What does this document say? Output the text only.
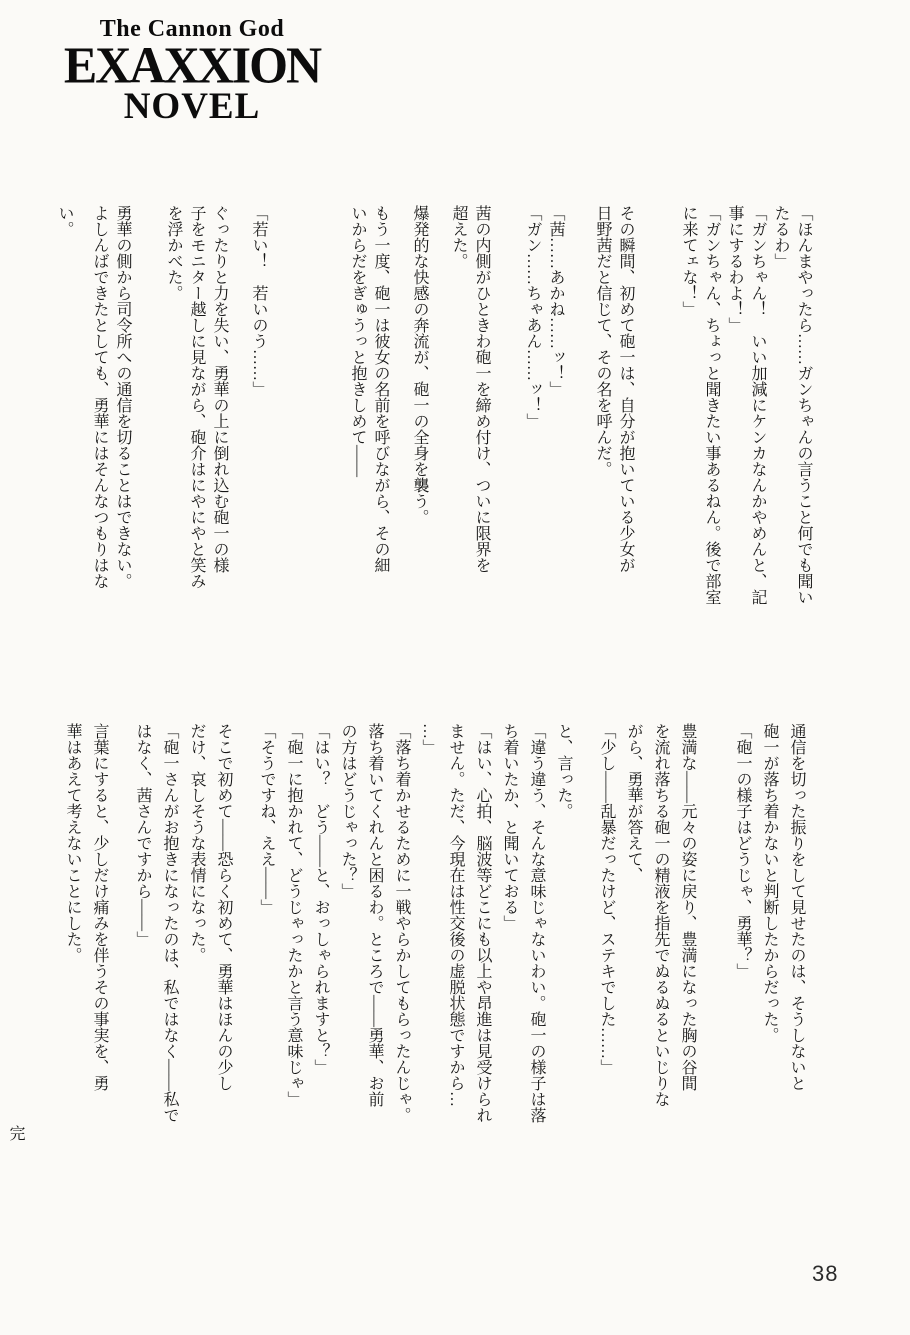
The Cannon God
EXAXXION
NOVEL
「ほんまやったら……ガンちゃんの言うこと何でも聞い
たるわ」
「ガンちゃん！　いい加減にケンカなんかやめんと、記
事にするわよ！」
「ガンちゃん、ちょっと聞きたい事あるねん。後で部室
に来てェな！」
その瞬間、初めて砲一は、自分が抱いている少女が
日野茜だと信じて、その名を呼んだ。
「茜……あかね……ッ！」
「ガン……ちゃあん……ッ！」
茜の内側がひときわ砲一を締め付け、ついに限界を
超えた。
爆発的な快感の奔流が、砲一の全身を襲う。
もう一度、砲一は彼女の名前を呼びながら、その細
いからだをぎゅうっと抱きしめて――
「若い！　若いのう……」
ぐったりと力を失い、勇華の上に倒れ込む砲一の様
子をモニター越しに見ながら、砲介はにやにやと笑み
を浮かべた。
勇華の側から司令所への通信を切ることはできない。
よしんばできたとしても、勇華にはそんなつもりはな
い。
通信を切った振りをして見せたのは、そうしないと
砲一が落ち着かないと判断したからだった。
「砲一の様子はどうじゃ、勇華？」
豊満な――元々の姿に戻り、豊満になった胸の谷間
を流れ落ちる砲一の精液を指先でぬるぬるといじりな
がら、勇華が答えて、
「少し――乱暴だったけど、ステキでした……」
と、言った。
「違う違う、そんな意味じゃないわい。砲一の様子は落
ち着いたか、と聞いておる」
「はい、心拍、脳波等どこにも以上や昂進は見受けられ
ません。ただ、今現在は性交後の虚脱状態ですから…
…」
「落ち着かせるために一戦やらかしてもらったんじゃ。
落ち着いてくれんと困るわ。ところで――勇華、お前
の方はどうじゃった？」
「はい？　どう――と、おっしゃられますと？」
「砲一に抱かれて、どうじゃったかと言う意味じゃ」
「そうですね、ええ――」
そこで初めて――恐らく初めて、勇華はほんの少し
だけ、哀しそうな表情になった。
「砲一さんがお抱きになったのは、私ではなく――私で
はなく、茜さんですから――」
言葉にすると、少しだけ痛みを伴うその事実を、勇
華はあえて考えないことにした。
完
38
